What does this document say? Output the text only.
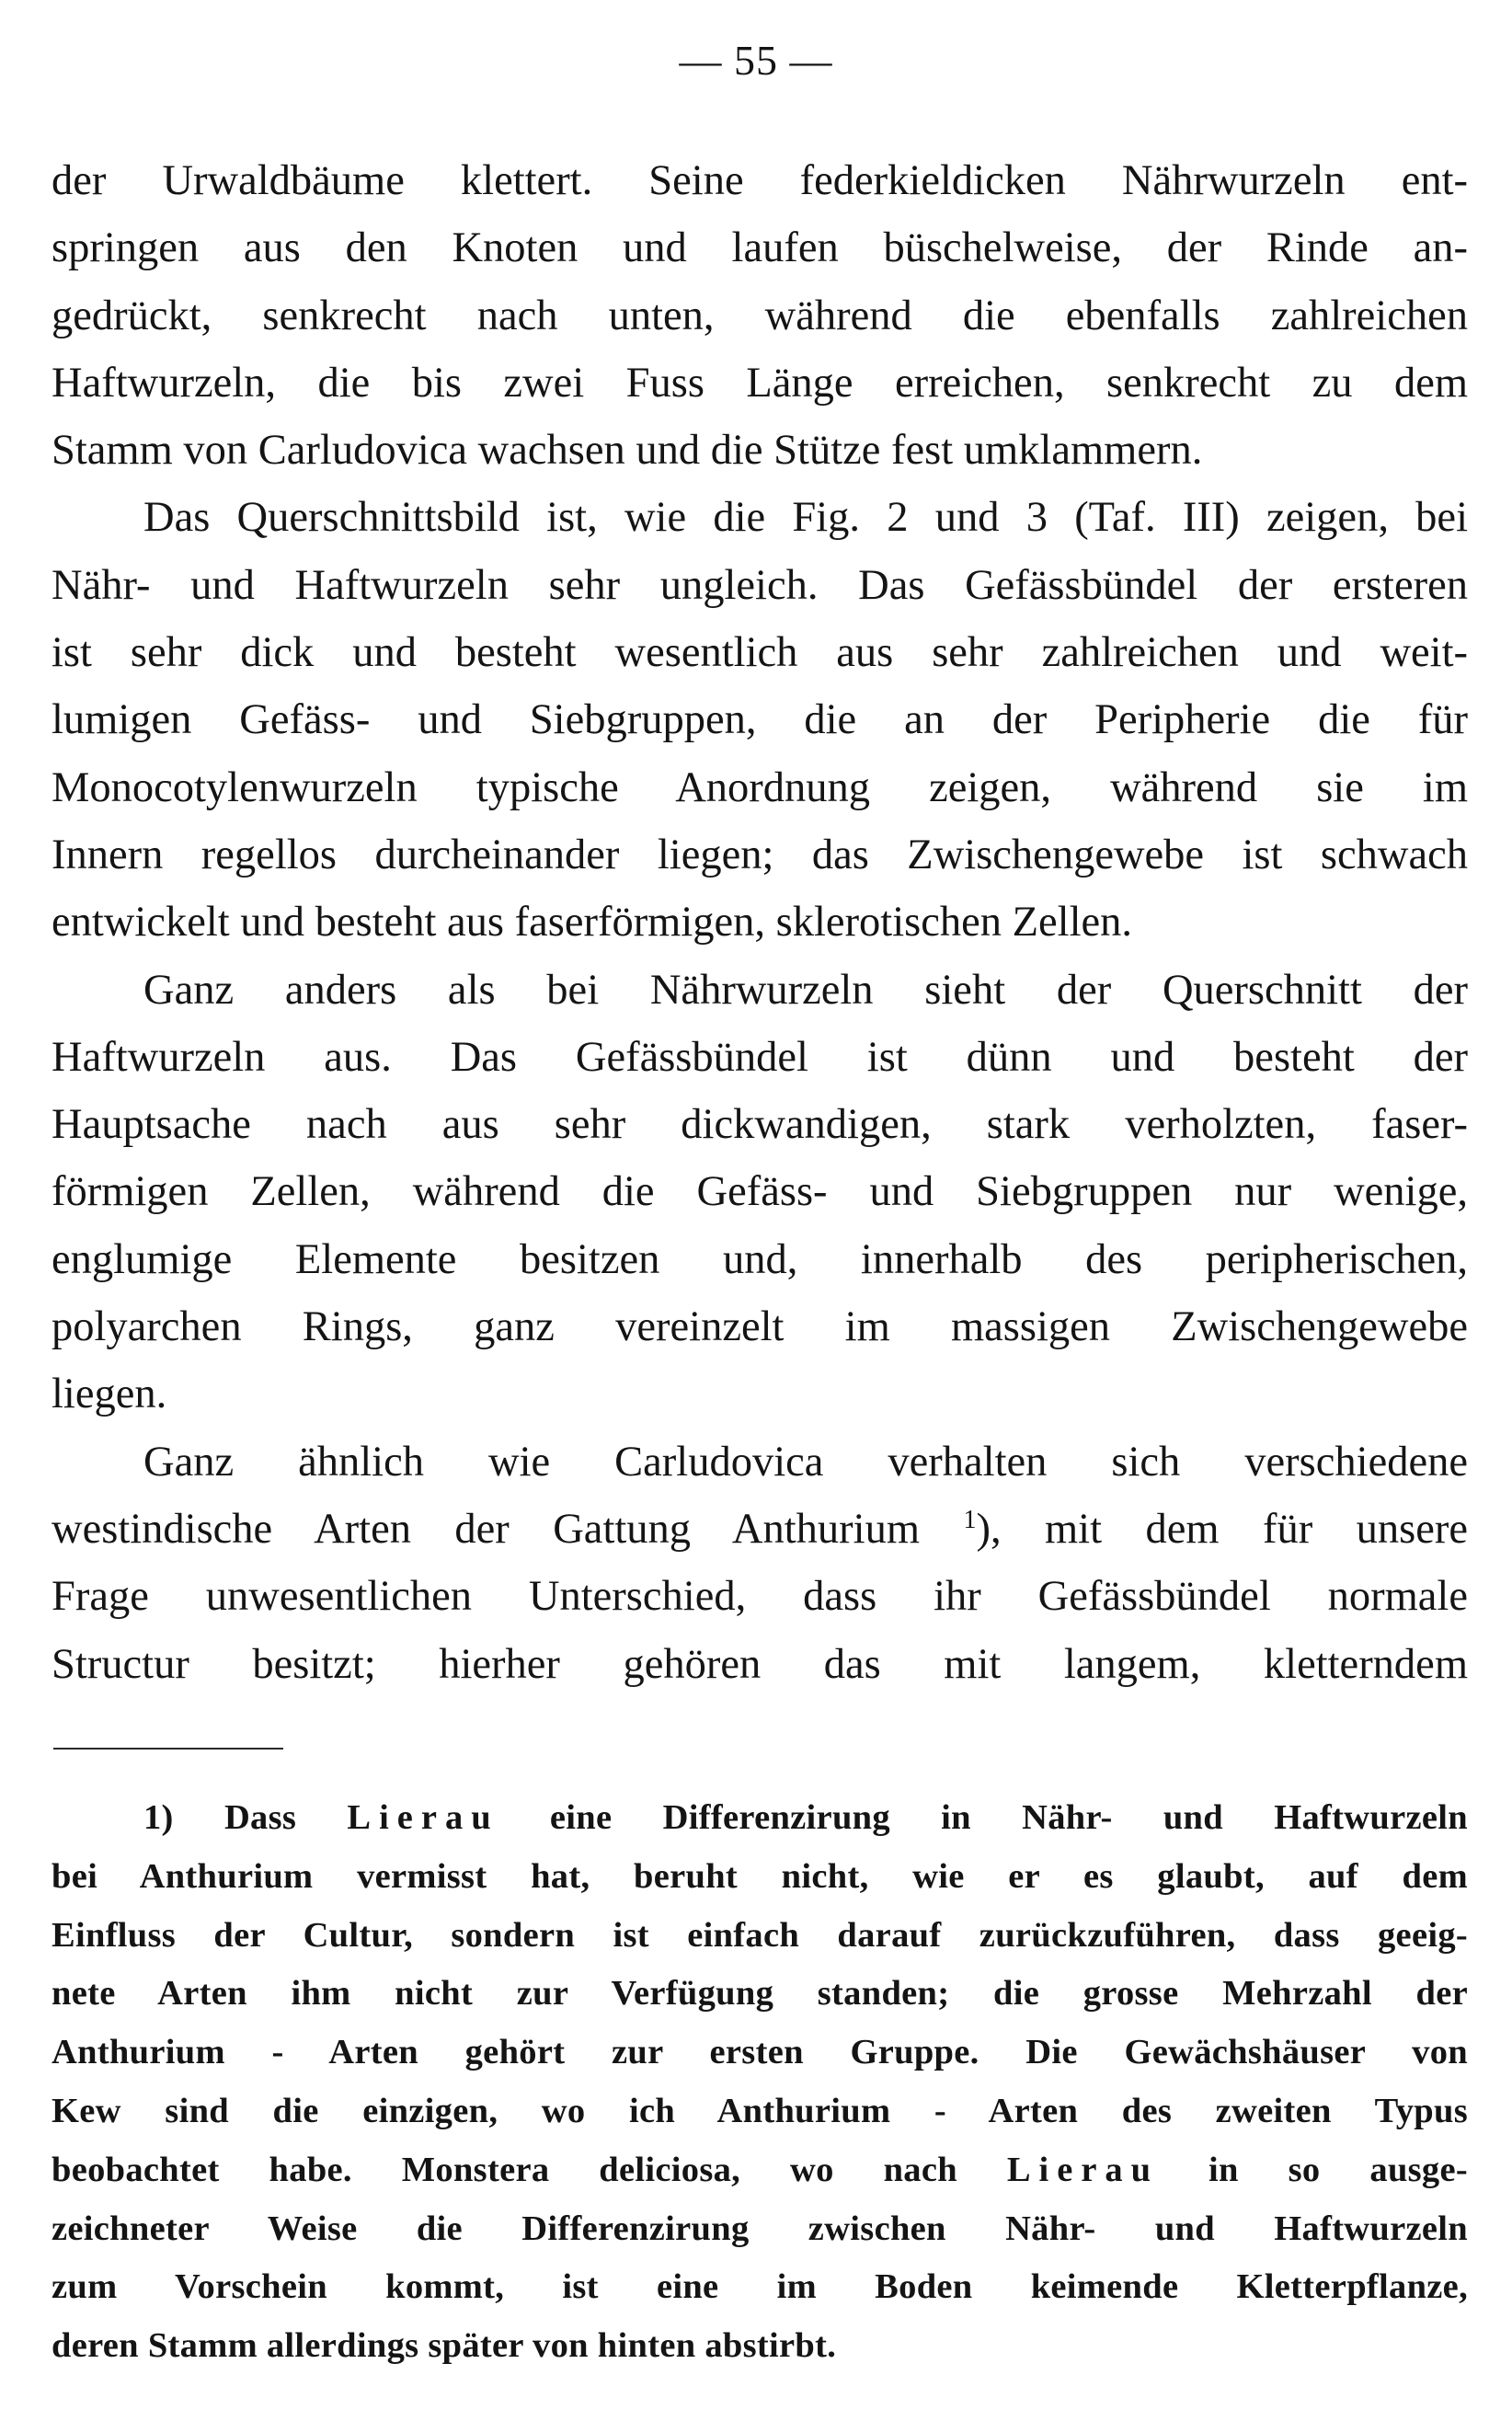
— 55 —
der Urwaldbäume klettert. Seine federkieldicken Nährwurzeln ent-
springen aus den Knoten und laufen büschelweise, der Rinde an-
gedrückt, senkrecht nach unten, während die ebenfalls zahlreichen
Haftwurzeln, die bis zwei Fuss Länge erreichen, senkrecht zu dem
Stamm von Carludovica wachsen und die Stütze fest umklammern.
Das Querschnittsbild ist, wie die Fig. 2 und 3 (Taf. III) zeigen, bei
Nähr- und Haftwurzeln sehr ungleich. Das Gefässbündel der ersteren
ist sehr dick und besteht wesentlich aus sehr zahlreichen und weit-
lumigen Gefäss- und Siebgruppen, die an der Peripherie die für
Monocotylenwurzeln typische Anordnung zeigen, während sie im
Innern regellos durcheinander liegen; das Zwischengewebe ist schwach
entwickelt und besteht aus faserförmigen, sklerotischen Zellen.
Ganz anders als bei Nährwurzeln sieht der Querschnitt der
Haftwurzeln aus. Das Gefässbündel ist dünn und besteht der
Hauptsache nach aus sehr dickwandigen, stark verholzten, faser-
förmigen Zellen, während die Gefäss- und Siebgruppen nur wenige,
englumige Elemente besitzen und, innerhalb des peripherischen,
polyarchen Rings, ganz vereinzelt im massigen Zwischengewebe
liegen.
Ganz ähnlich wie Carludovica verhalten sich verschiedene
westindische Arten der Gattung Anthurium $^1$), mit dem für unsere
Frage unwesentlichen Unterschied, dass ihr Gefässbündel normale
Structur besitzt; hierher gehören das mit langem, kletterndem
1) Dass Lierau eine Differenzirung in Nähr- und Haftwurzeln
bei Anthurium vermisst hat, beruht nicht, wie er es glaubt, auf dem
Einfluss der Cultur, sondern ist einfach darauf zurückzuführen, dass geeig-
nete Arten ihm nicht zur Verfügung standen; die grosse Mehrzahl der
Anthurium - Arten gehört zur ersten Gruppe. Die Gewächshäuser von
Kew sind die einzigen, wo ich Anthurium - Arten des zweiten Typus
beobachtet habe. Monstera deliciosa, wo nach Lierau in so ausge-
zeichneter Weise die Differenzirung zwischen Nähr- und Haftwurzeln
zum Vorschein kommt, ist eine im Boden keimende Kletterpflanze,
deren Stamm allerdings später von hinten abstirbt.
